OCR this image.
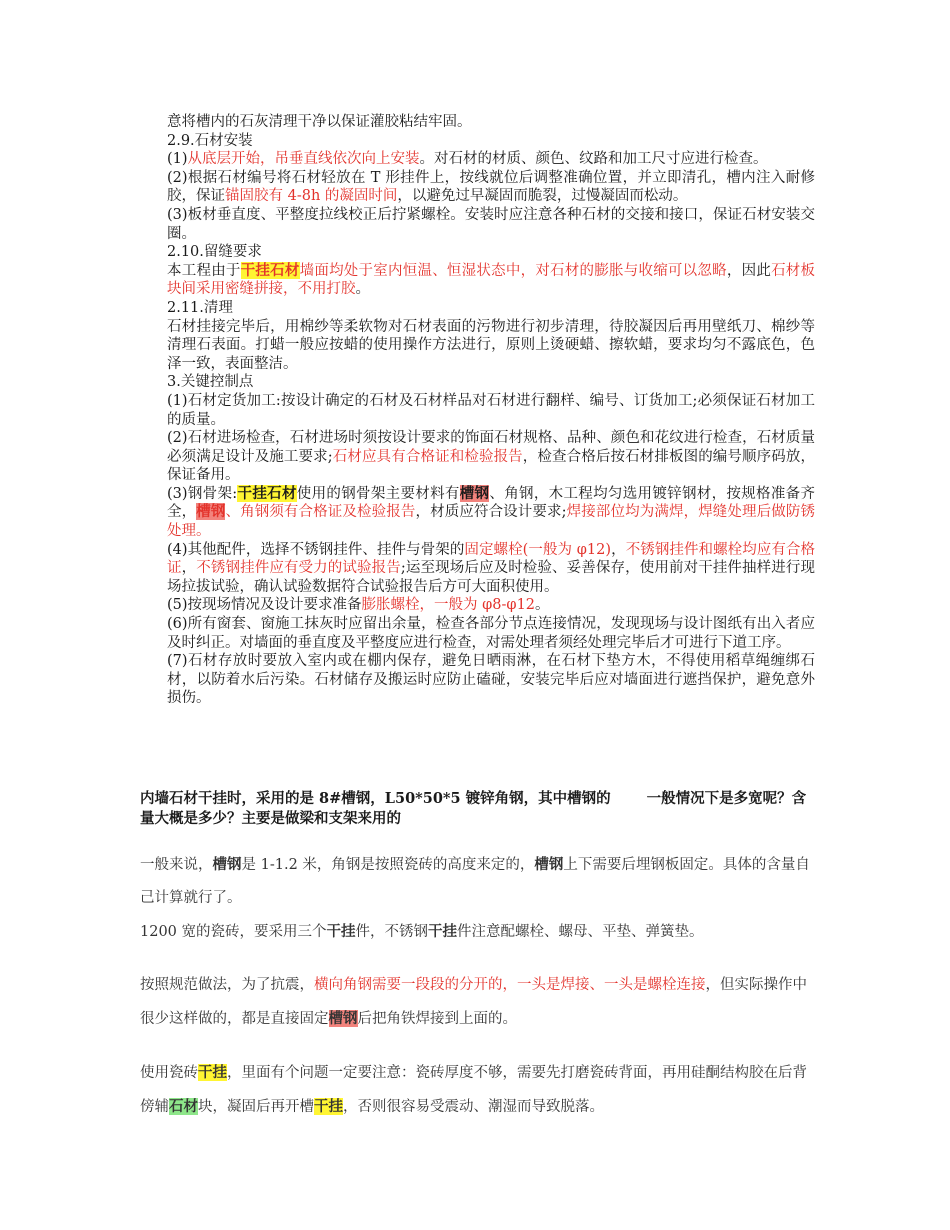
意将槽内的石灰清理干净以保证灌胶粘结牢固。

2.9.石材安装

(1)从底层开始，吊垂直线依次向上安装。对石材的材质、颜色、纹路和加工尺寸应进行检查。

(2)根据石材编号将石材轻放在 T 形挂件上，按线就位后调整准确位置，并立即清孔，槽内注入耐修胶，保证锚固胶有 4-8h 的凝固时间，以避免过早凝固而脆裂，过慢凝固而松动。

(3)板材垂直度、平整度拉线校正后拧紧螺栓。安装时应注意各种石材的交接和接口，保证石材安装交圈。

2.10.留缝要求

本工程由于干挂石材墙面均处于室内恒温、恒湿状态中，对石材的膨胀与收缩可以忽略，因此石材板块间采用密缝拼接，不用打胶。

2.11.清理

石材挂接完毕后，用棉纱等柔软物对石材表面的污物进行初步清理，待胶凝因后再用壁纸刀、棉纱等清理石表面。打蜡一般应按蜡的使用操作方法进行，原则上烫硬蜡、擦软蜡，要求均匀不露底色，色泽一致，表面整洁。

3.关键控制点

(1)石材定货加工:按设计确定的石材及石材样品对石材进行翻样、编号、订货加工;必须保证石材加工的质量。

(2)石材进场检查，石材进场时须按设计要求的饰面石材规格、品种、颜色和花纹进行检查，石材质量必须满足设计及施工要求;石材应具有合格证和检验报告，检查合格后按石材排板图的编号顺序码放，保证备用。

(3)钢骨架:干挂石材使用的钢骨架主要材料有槽钢、角钢，木工程均匀选用镀锌钢材，按规格准备齐全，槽钢、角钢须有合格证及检验报告，材质应符合设计要求;焊接部位均为满焊，焊缝处理后做防锈处理。

(4)其他配件，选择不锈钢挂件、挂件与骨架的固定螺栓(一般为 φ12)，不锈钢挂件和螺栓均应有合格证，不锈钢挂件应有受力的试验报告;运至现场后应及时检验、妥善保存，使用前对干挂件抽样进行现场拉拔试验，确认试验数据符合试验报告后方可大面积使用。

(5)按现场情况及设计要求准备膨胀螺栓，一般为 φ8-φ12。

(6)所有窗套、窗施工抹灰时应留出余量，检查各部分节点连接情况，发现现场与设计图纸有出入者应及时纠正。对墙面的垂直度及平整度应进行检查，对需处理者须经处理完毕后才可进行下道工序。

(7)石材存放时要放入室内或在棚内保存，避免日晒雨淋，在石材下垫方木，不得使用稻草绳缠绑石材，以防着水后污染。石材储存及搬运时应防止磕碰，安装完毕后应对墙面进行遮挡保护，避免意外损伤。

内墙石材干挂时，采用的是 8#槽钢，L50*50*5 镀锌角钢，其中槽钢的 一般情况下是多宽呢？含量大概是多少？主要是做梁和支架来用的

一般来说，槽钢是 1-1.2 米，角钢是按照瓷砖的高度来定的，槽钢上下需要后埋钢板固定。具体的含量自己计算就行了。

1200 宽的瓷砖，要采用三个干挂件，不锈钢干挂件注意配螺栓、螺母、平垫、弹簧垫。

按照规范做法，为了抗震，横向角钢需要一段段的分开的，一头是焊接、一头是螺栓连接，但实际操作中很少这样做的，都是直接固定槽钢后把角铁焊接到上面的。

使用瓷砖干挂，里面有个问题一定要注意：瓷砖厚度不够，需要先打磨瓷砖背面，再用硅酮结构胶在后背傍辅石材块，凝固后再开槽干挂，否则很容易受震动、潮湿而导致脱落。
